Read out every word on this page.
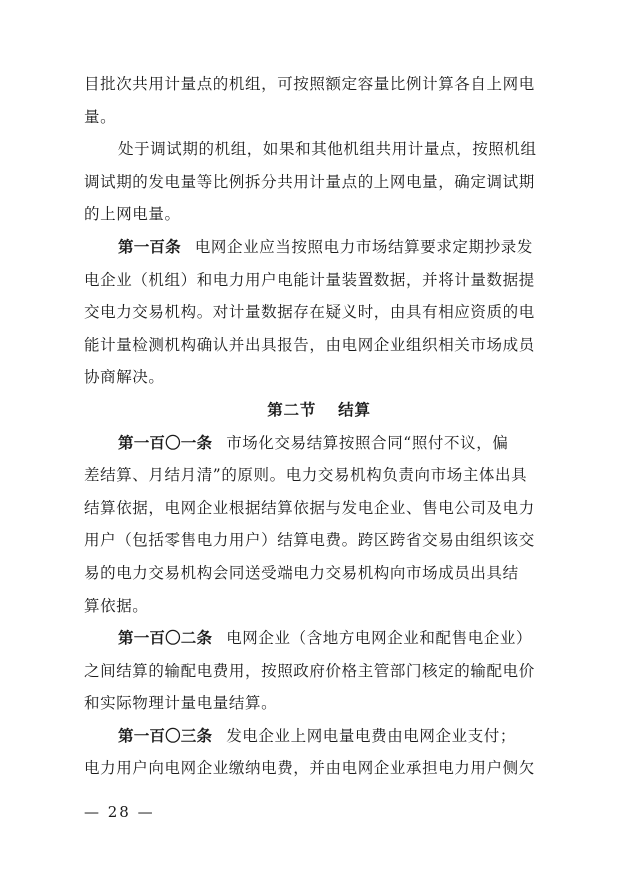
目批次共用计量点的机组，可按照额定容量比例计算各自上网电
量。
处于调试期的机组，如果和其他机组共用计量点，按照机组
调试期的发电量等比例拆分共用计量点的上网电量，确定调试期
的上网电量。
第一百条 电网企业应当按照电力市场结算要求定期抄录发
电企业（机组）和电力用户电能计量装置数据，并将计量数据提
交电力交易机构。对计量数据存在疑义时，由具有相应资质的电
能计量检测机构确认并出具报告，由电网企业组织相关市场成员
协商解决。
第二节 结算
第一百〇一条 市场化交易结算按照合同“照付不议，偏
差结算、月结月清”的原则。电力交易机构负责向市场主体出具
结算依据，电网企业根据结算依据与发电企业、售电公司及电力
用户（包括零售电力用户）结算电费。跨区跨省交易由组织该交
易的电力交易机构会同送受端电力交易机构向市场成员出具结
算依据。
第一百〇二条 电网企业（含地方电网企业和配售电企业）
之间结算的输配电费用，按照政府价格主管部门核定的输配电价
和实际物理计量电量结算。
第一百〇三条 发电企业上网电量电费由电网企业支付；
电力用户向电网企业缴纳电费，并由电网企业承担电力用户侧欠
— 28 —
